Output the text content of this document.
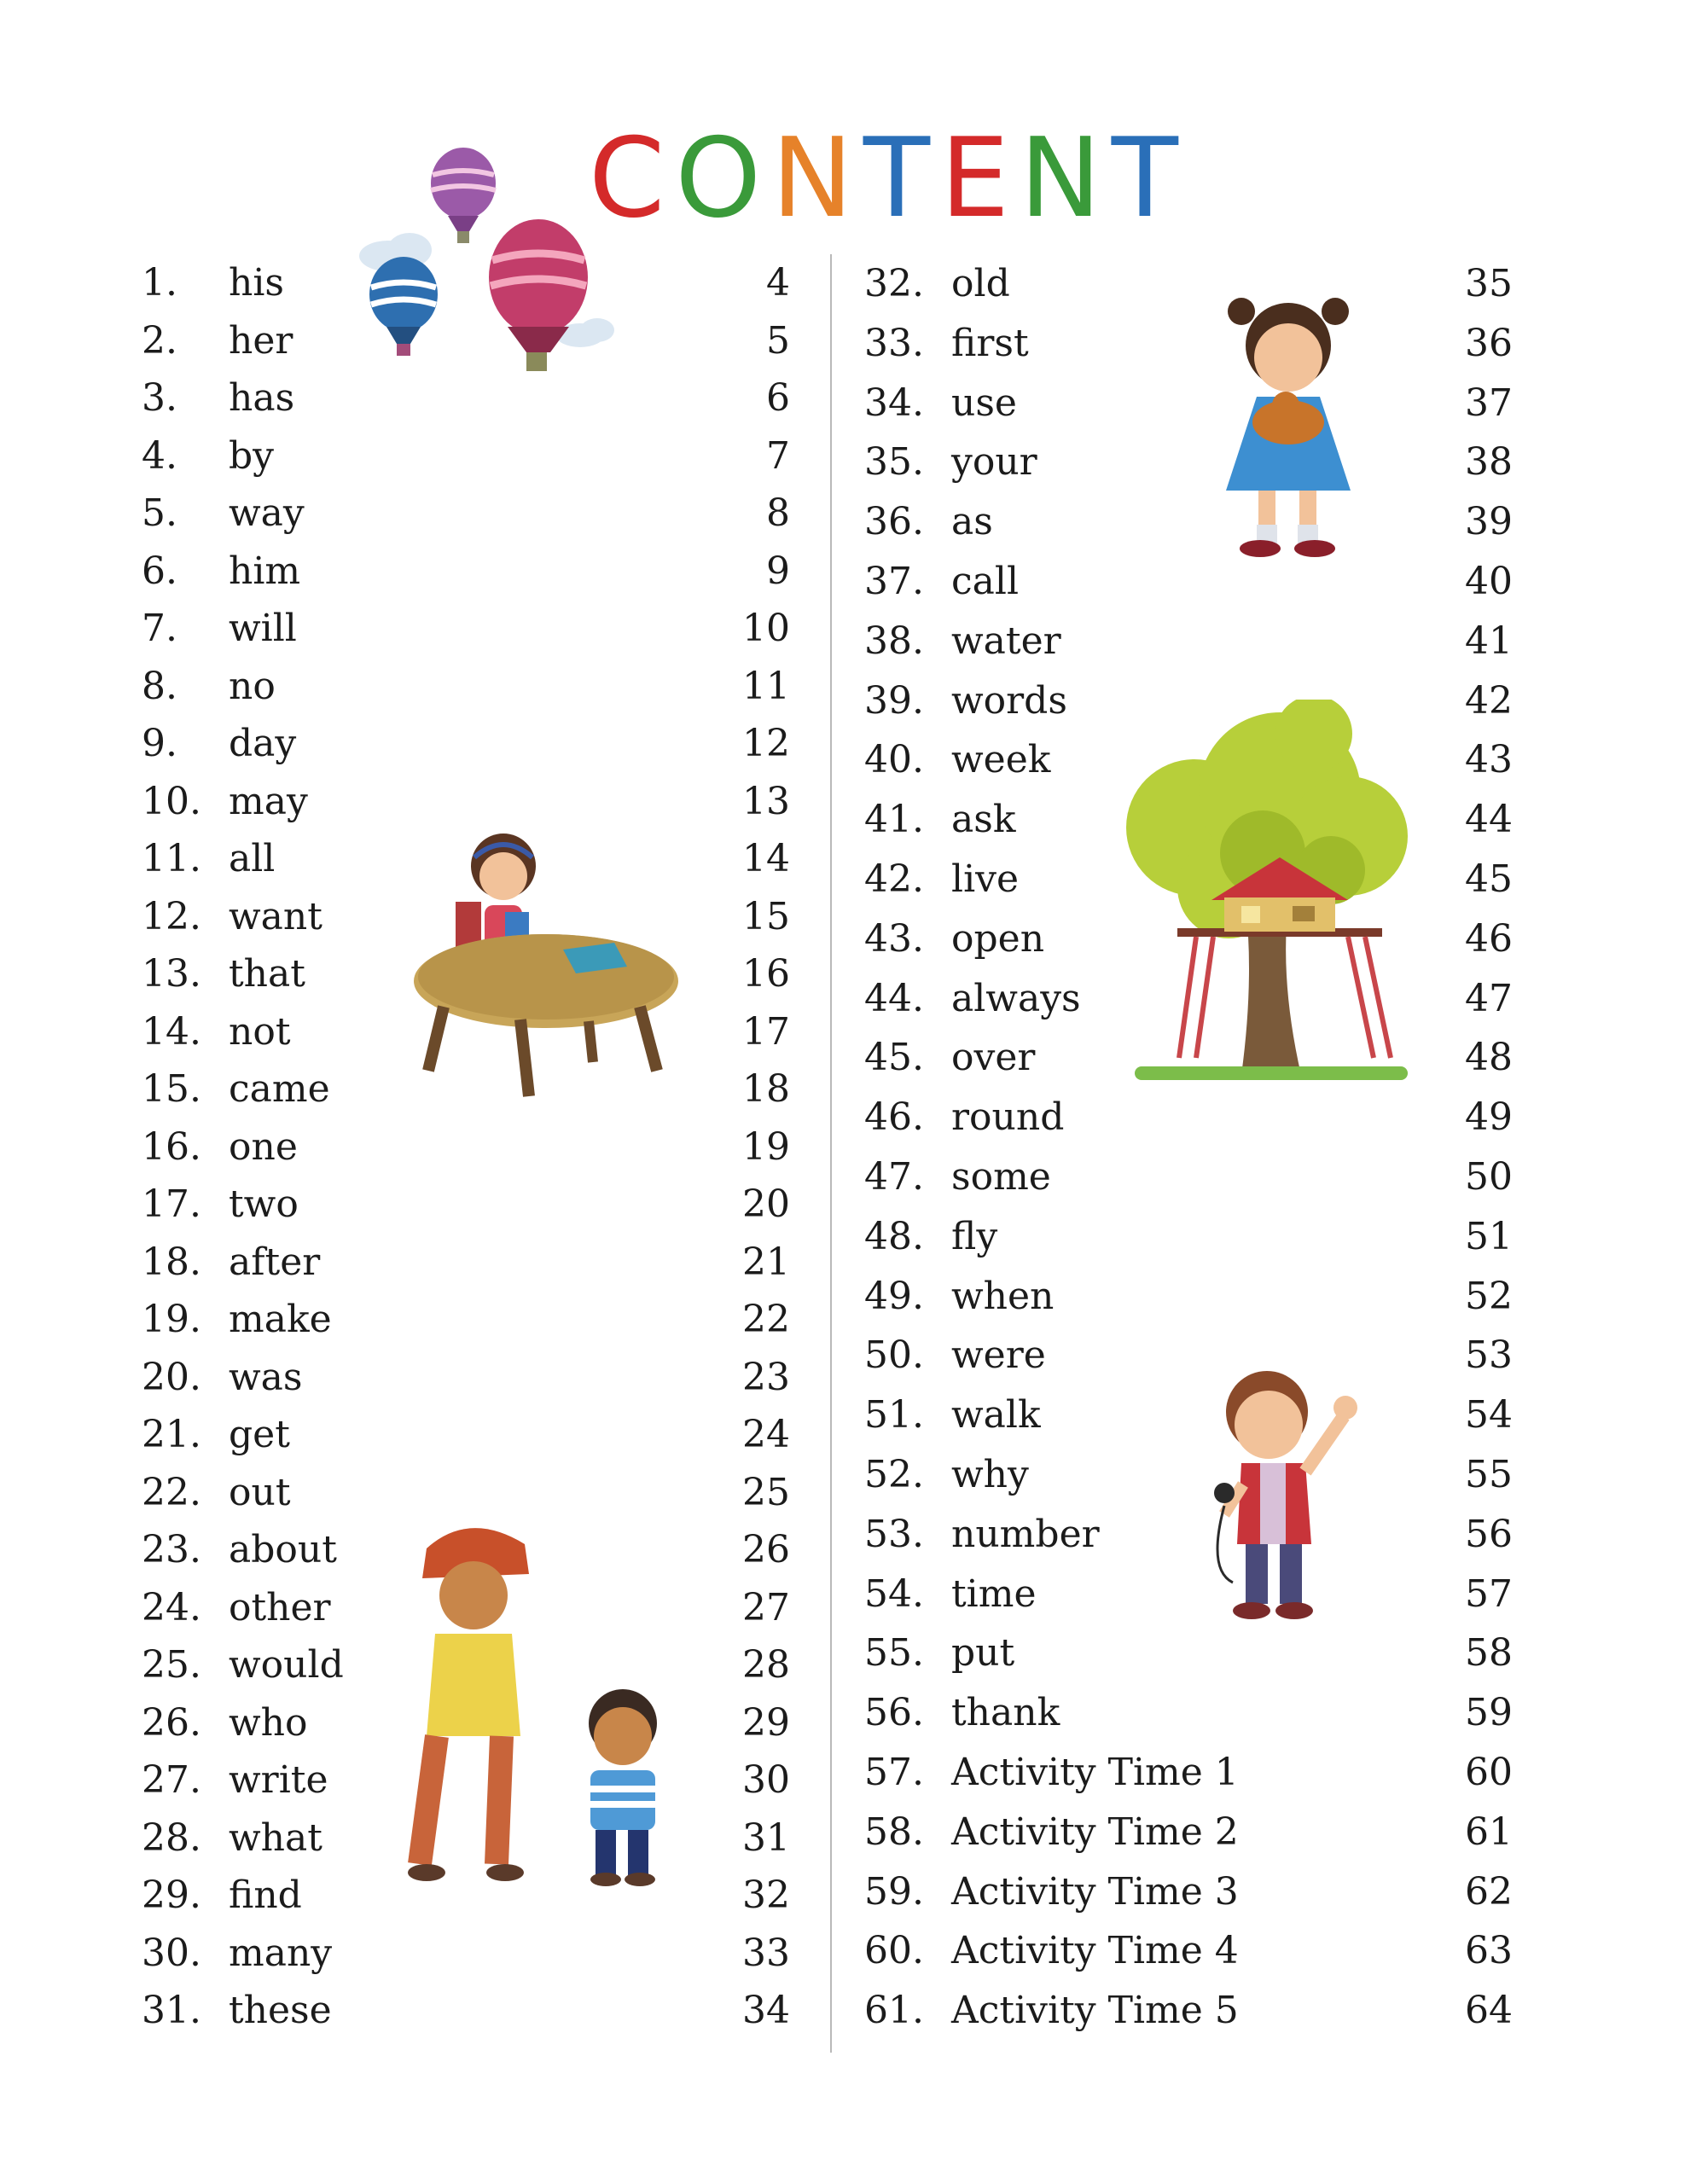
CONTENT
1. his	4
2. her	5
3. has	6
4. by	7
5. way	8
6. him	9
7. will	10
8. no	11
9. day	12
10. may	13
11. all	14
12. want	15
13. that	16
14. not	17
15. came	18
16. one	19
17. two	20
18. after	21
19. make	22
20. was	23
21. get	24
22. out	25
23. about	26
24. other	27
25. would	28
26. who	29
27. write	30
28. what	31
29. find	32
30. many	33
31. these	34
32. old	35
33. first	36
34. use	37
35. your	38
36. as	39
37. call	40
38. water	41
39. words	42
40. week	43
41. ask	44
42. live	45
43. open	46
44. always	47
45. over	48
46. round	49
47. some	50
48. fly	51
49. when	52
50. were	53
51. walk	54
52. why	55
53. number	56
54. time	57
55. put	58
56. thank	59
57. Activity Time 1	60
58. Activity Time 2	61
59. Activity Time 3	62
60. Activity Time 4	63
61. Activity Time 5	64
